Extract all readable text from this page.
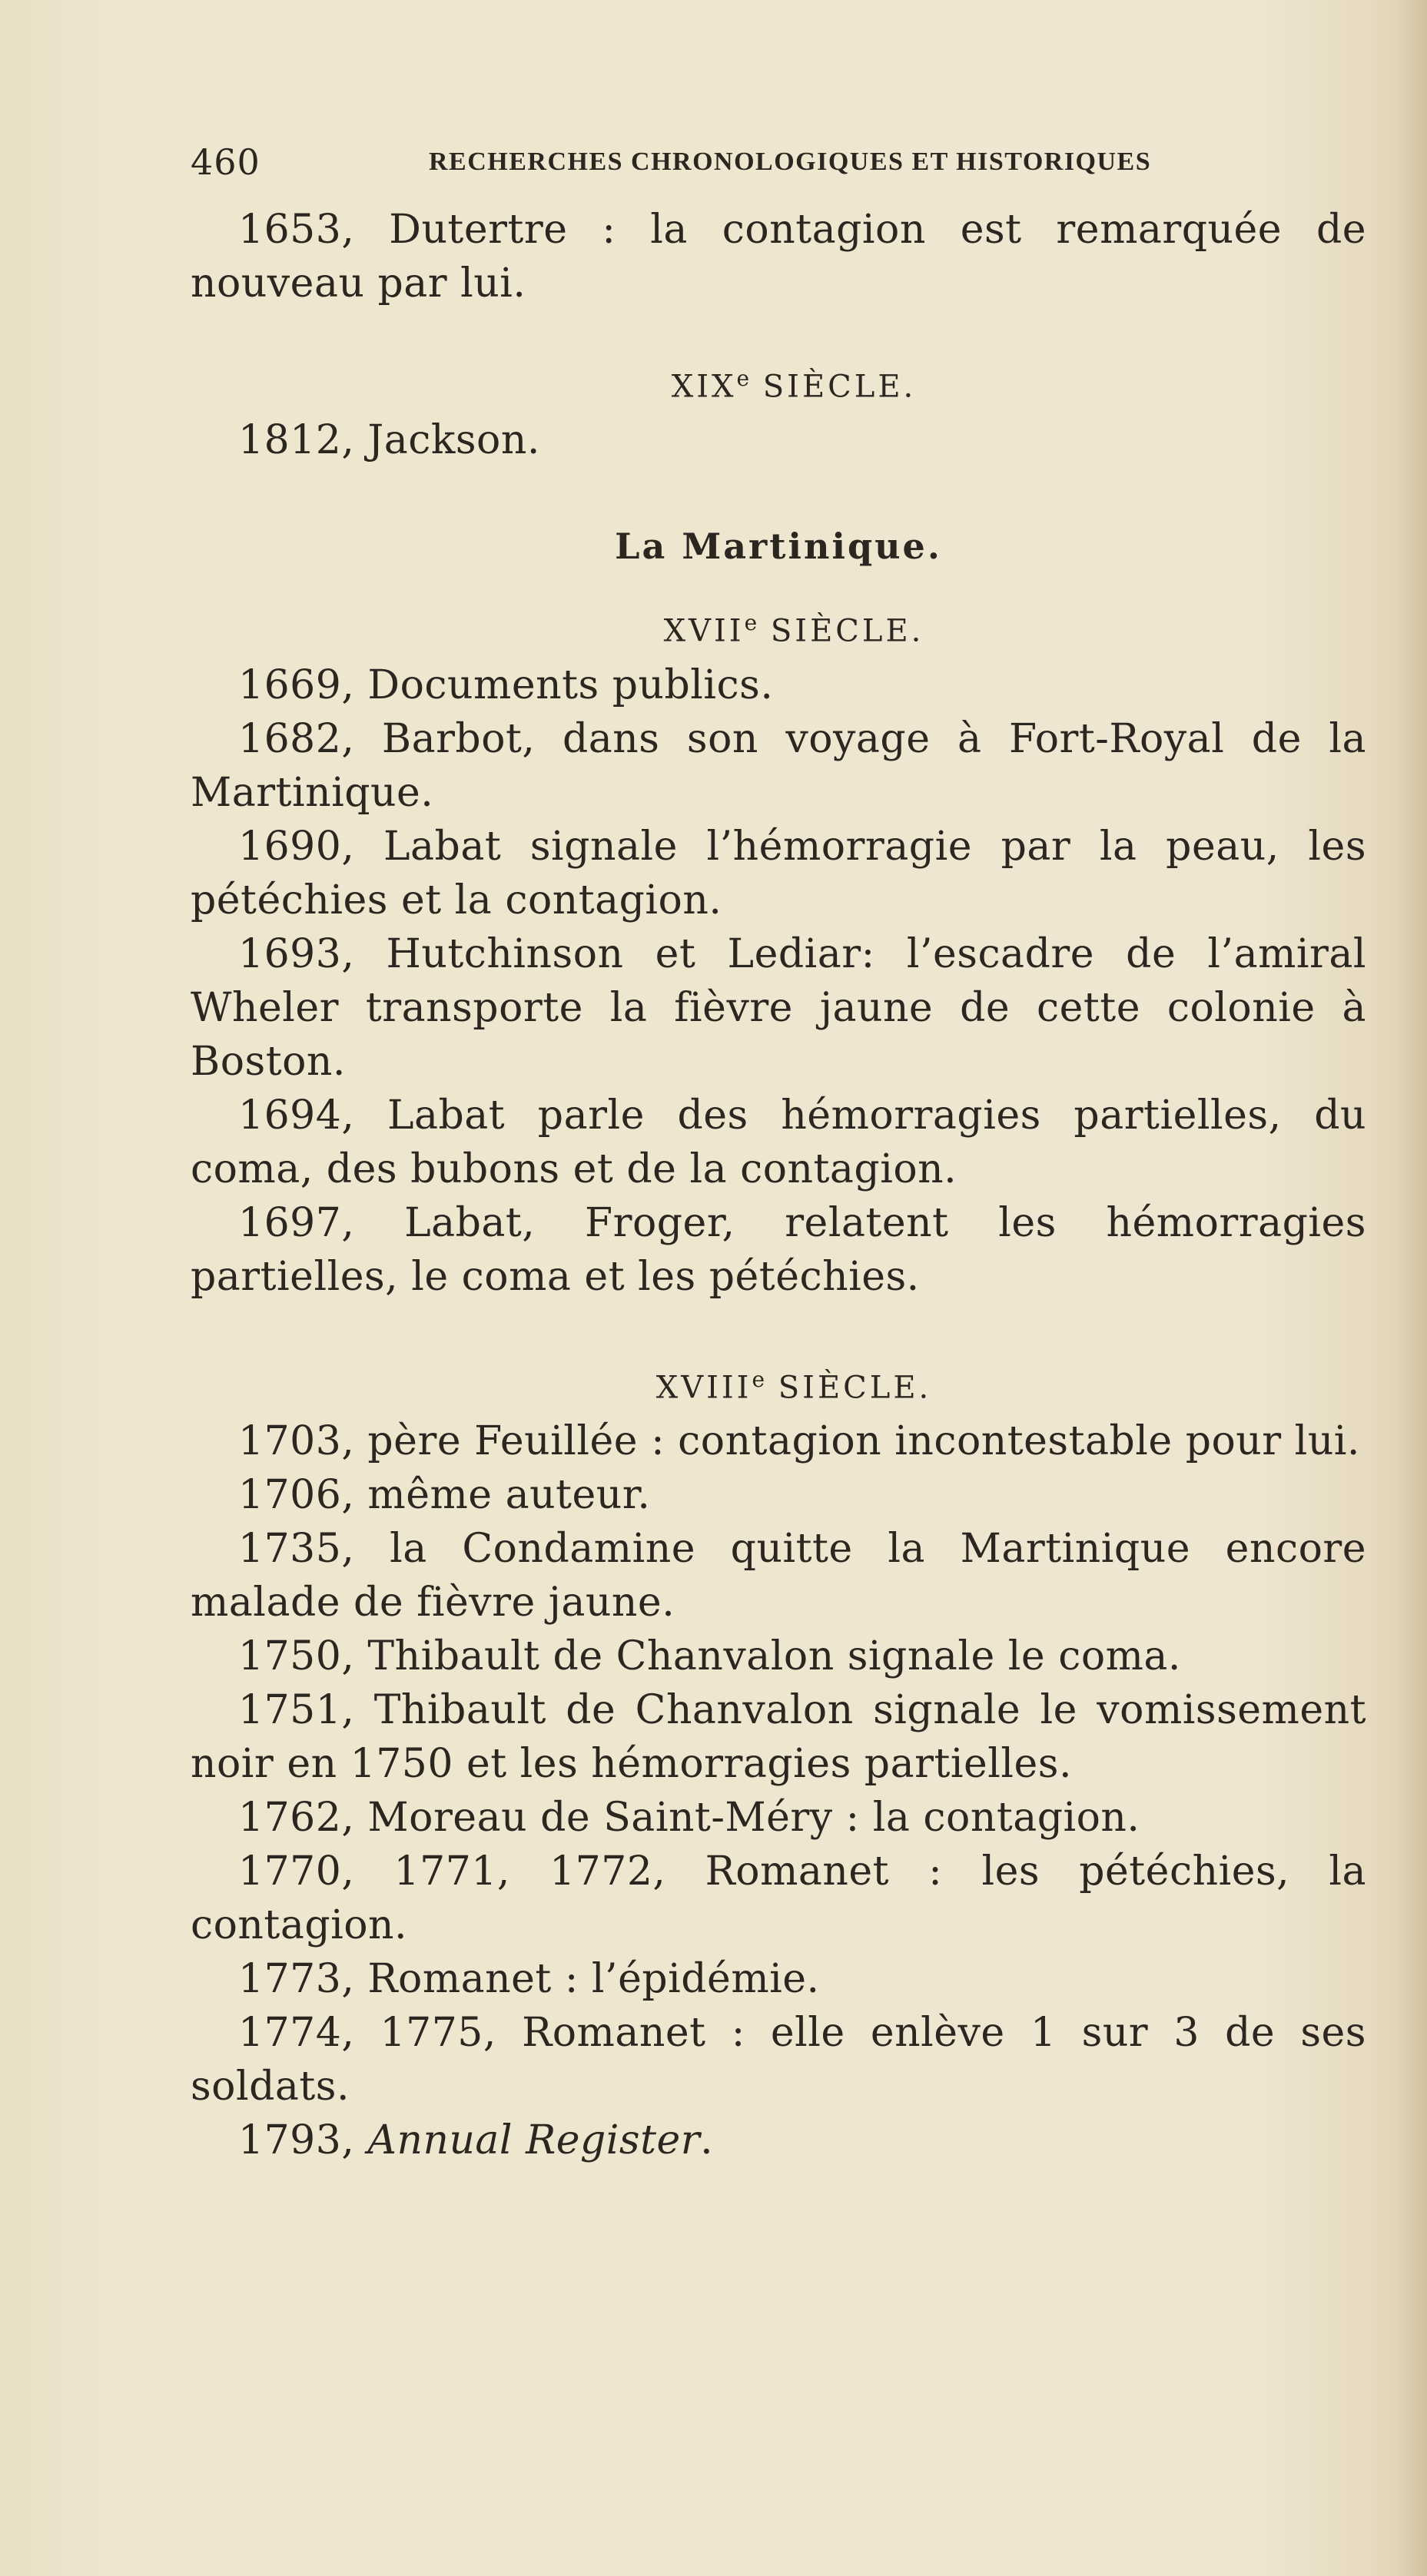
460	RECHERCHES CHRONOLOGIQUES ET HISTORIQUES

1653, Dutertre : la contagion est remarquée de nouveau par lui.

XIXe SIÈCLE.

1812, Jackson.

La Martinique.

XVIIe SIÈCLE.

1669, Documents publics.

1682, Barbot, dans son voyage à Fort-Royal de la Martinique.

1690, Labat signale l’hémorragie par la peau, les pétéchies et la contagion.

1693, Hutchinson et Lediar: l’escadre de l’amiral Wheler transporte la fièvre jaune de cette colonie à Boston.

1694, Labat parle des hémorragies partielles, du coma, des bubons et de la contagion.

1697, Labat, Froger, relatent les hémorragies partielles, le coma et les pétéchies.

XVIIIe SIÈCLE.

1703, père Feuillée : contagion incontestable pour lui.

1706, même auteur.

1735, la Condamine quitte la Martinique encore malade de fièvre jaune.

1750, Thibault de Chanvalon signale le coma.

1751, Thibault de Chanvalon signale le vomissement noir en 1750 et les hémorragies partielles.

1762, Moreau de Saint-Méry : la contagion.

1770, 1771, 1772, Romanet : les pétéchies, la contagion.

1773, Romanet : l’épidémie.

1774, 1775, Romanet : elle enlève 1 sur 3 de ses soldats.

1793, Annual Register.
